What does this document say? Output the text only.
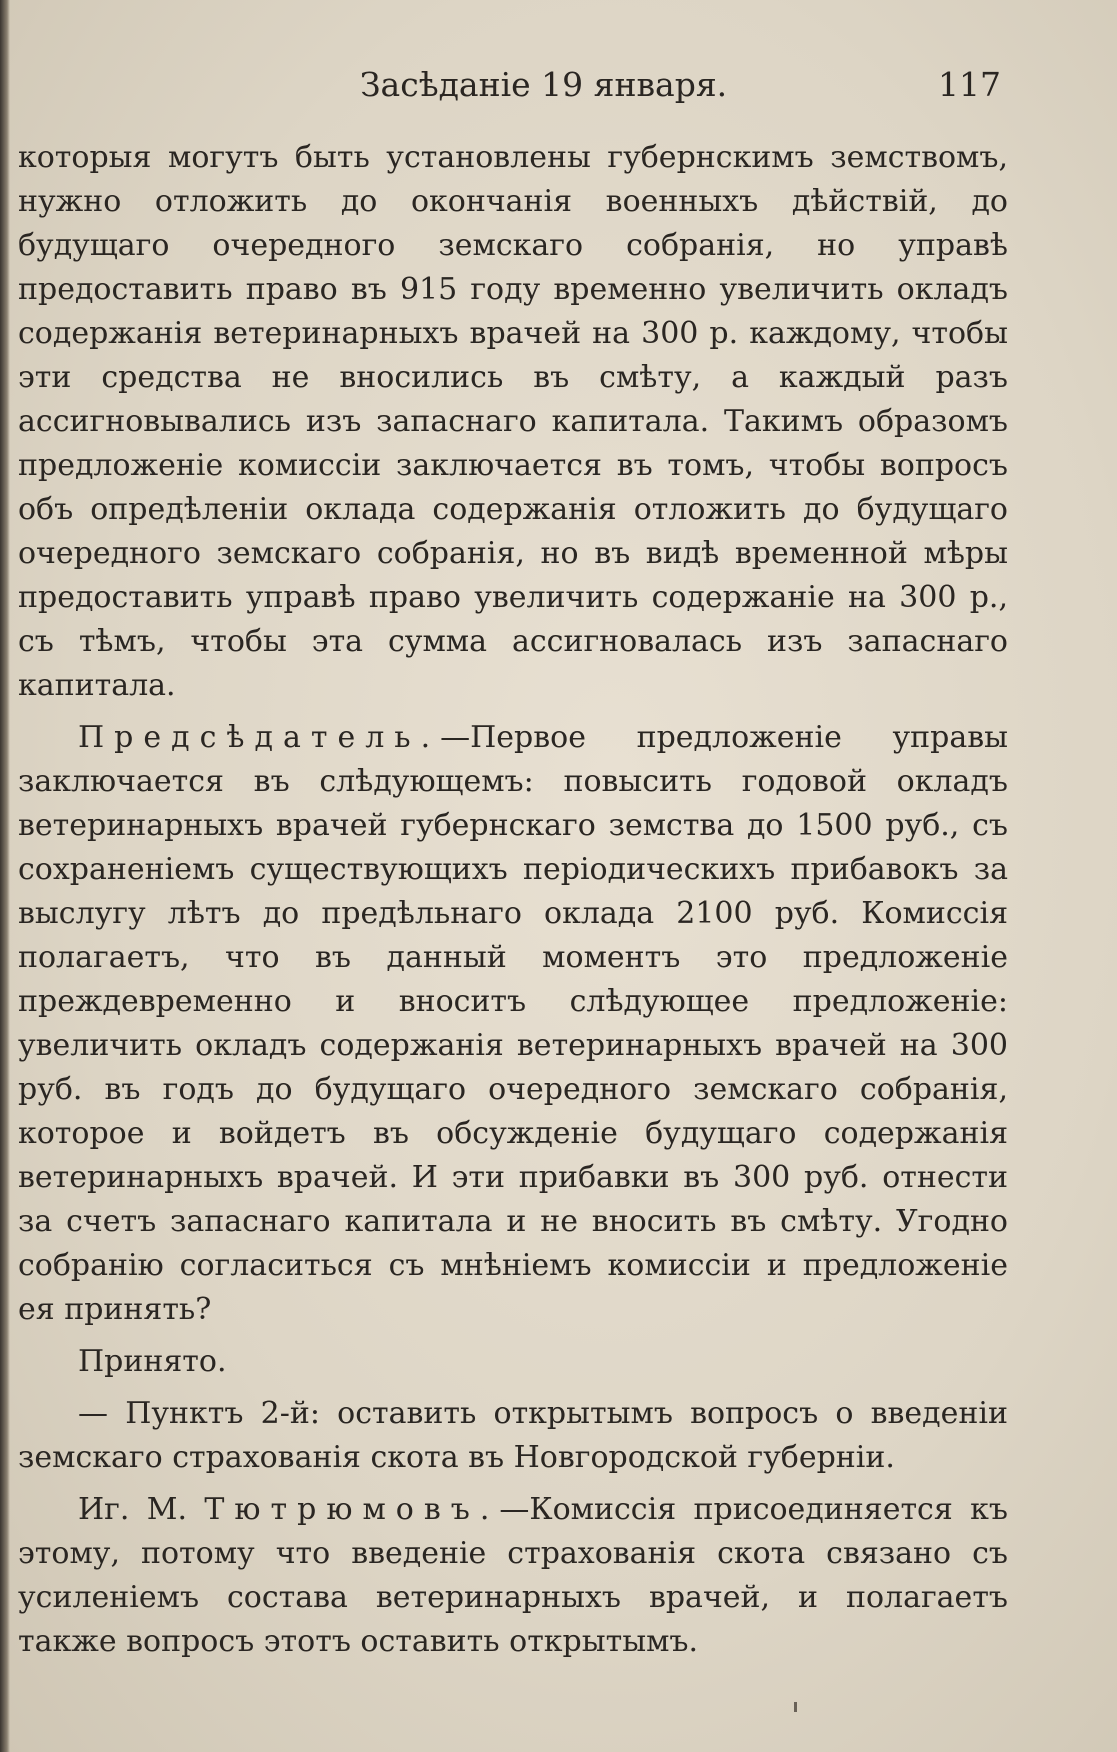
Засѣданіе 19 января.	117

которыя могутъ быть установлены губернскимъ земствомъ, нужно отложить до окончанія военныхъ дѣйствій, до будущаго очередного земскаго собранія, но управѣ предоставить право въ 915 году временно увеличить окладъ содержанія ветеринарныхъ врачей на 300 р. каждому, чтобы эти средства не вносились въ смѣту, а каждый разъ ассигновывались изъ запаснаго капитала. Такимъ образомъ предложеніе комиссіи заключается въ томъ, чтобы вопросъ объ опредѣленіи оклада содержанія отложить до будущаго очередного земскаго собранія, но въ видѣ временной мѣры предоставить управѣ право увеличить содержаніе на 300 р., съ тѣмъ, чтобы эта сумма ассигновалась изъ запаснаго капитала.

Предсѣдатель.—Первое предложеніе управы заключается въ слѣдующемъ: повысить годовой окладъ ветеринарныхъ врачей губернскаго земства до 1500 руб., съ сохраненіемъ существующихъ періодическихъ прибавокъ за выслугу лѣтъ до предѣльнаго оклада 2100 руб. Комиссія полагаетъ, что въ данный моментъ это предложеніе преждевременно и вноситъ слѣдующее предложеніе: увеличить окладъ содержанія ветеринарныхъ врачей на 300 руб. въ годъ до будущаго очередного земскаго собранія, которое и войдетъ въ обсужденіе будущаго содержанія ветеринарныхъ врачей. И эти прибавки въ 300 руб. отнести за счетъ запаснаго капитала и не вносить въ смѣту. Угодно собранію согласиться съ мнѣніемъ комиссіи и предложеніе ея принять?

Принято.

— Пунктъ 2-й: оставить открытымъ вопросъ о введеніи земскаго страхованія скота въ Новгородской губерніи.

Иг. М. Тютрюмовъ.—Комиссія присоединяется къ этому, потому что введеніе страхованія скота связано съ усиленіемъ состава ветеринарныхъ врачей, и полагаетъ также вопросъ этотъ оставить открытымъ.
